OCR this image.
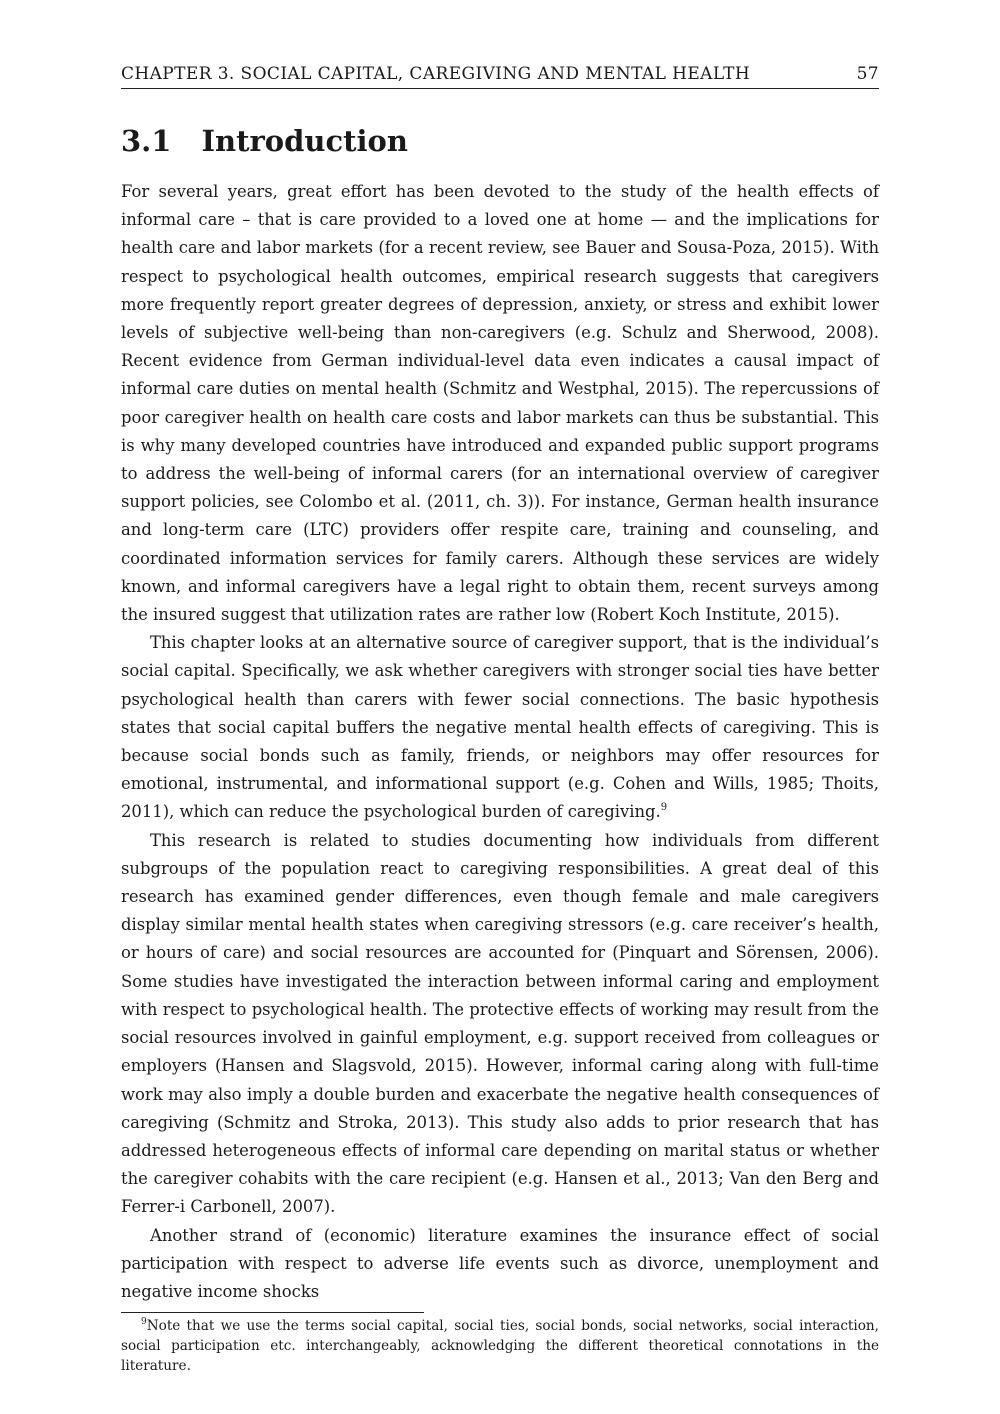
CHAPTER 3. SOCIAL CAPITAL, CAREGIVING AND MENTAL HEALTH	57
3.1 Introduction

For several years, great effort has been devoted to the study of the health effects of informal care – that is care provided to a loved one at home — and the implications for health care and labor markets (for a recent review, see Bauer and Sousa-Poza, 2015). With respect to psychological health outcomes, empirical research suggests that caregivers more frequently report greater degrees of depression, anxiety, or stress and exhibit lower levels of subjective well-being than non-caregivers (e.g. Schulz and Sherwood, 2008). Recent evidence from German individual-level data even indicates a causal impact of informal care duties on mental health (Schmitz and Westphal, 2015). The repercussions of poor caregiver health on health care costs and labor markets can thus be substantial. This is why many developed countries have introduced and expanded public support programs to address the well-being of informal carers (for an international overview of caregiver support policies, see Colombo et al. (2011, ch. 3)). For instance, German health insurance and long-term care (LTC) providers offer respite care, training and counseling, and coordinated information services for family carers. Although these services are widely known, and informal caregivers have a legal right to obtain them, recent surveys among the insured suggest that utilization rates are rather low (Robert Koch Institute, 2015).

This chapter looks at an alternative source of caregiver support, that is the individual’s social capital. Specifically, we ask whether caregivers with stronger social ties have better psychological health than carers with fewer social connections. The basic hypothesis states that social capital buffers the negative mental health effects of caregiving. This is because social bonds such as family, friends, or neighbors may offer resources for emotional, instrumental, and informational support (e.g. Cohen and Wills, 1985; Thoits, 2011), which can reduce the psychological burden of caregiving.$^9$

This research is related to studies documenting how individuals from different subgroups of the population react to caregiving responsibilities. A great deal of this research has examined gender differences, even though female and male caregivers display similar mental health states when caregiving stressors (e.g. care receiver’s health, or hours of care) and social resources are accounted for (Pinquart and Sörensen, 2006). Some studies have investigated the interaction between informal caring and employment with respect to psychological health. The protective effects of working may result from the social resources involved in gainful employment, e.g. support received from colleagues or employers (Hansen and Slagsvold, 2015). However, informal caring along with full-time work may also imply a double burden and exacerbate the negative health consequences of caregiving (Schmitz and Stroka, 2013). This study also adds to prior research that has addressed heterogeneous effects of informal care depending on marital status or whether the caregiver cohabits with the care recipient (e.g. Hansen et al., 2013; Van den Berg and Ferrer-i Carbonell, 2007).

Another strand of (economic) literature examines the insurance effect of social participation with respect to adverse life events such as divorce, unemployment and negative income shocks

$^9$Note that we use the terms social capital, social ties, social bonds, social networks, social interaction, social participation etc. interchangeably, acknowledging the different theoretical connotations in the literature.
